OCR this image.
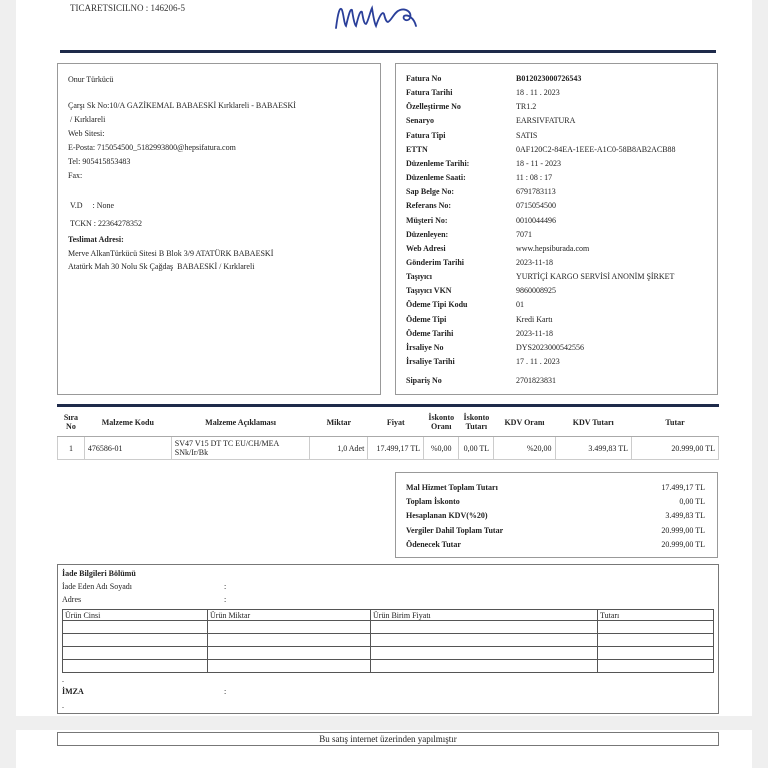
TICARETSICILNO : 146206-5
Onur Türkücü
Çarşı Sk No:10/A GAZİKEMAL BABAESKİ Kırklareli - BABAESKİ
/ Kırklareli
Web Sitesi:
E-Posta: 715054500_5182993800@hepsifatura.com
Tel: 905415853483
Fax:
V.D     : None
TCKN : 22364278352
Teslimat Adresi:
Merve AlkanTürkücü Sitesi B Blok 3/9 ATATÜRK BABAESKİ
Atatürk Mah 30 Nolu Sk Çağdaş  BABAESKİ / Kırklareli
Fatura No	B012023000726543
Fatura Tarihi	18 . 11 . 2023
Özelleştirme No	TR1.2
Senaryo	EARSIVFATURA
Fatura Tipi	SATIS
ETTN	0AF120C2-84EA-1EEE-A1C0-58B8AB2ACB88
Düzenleme Tarihi:	18 - 11 - 2023
Düzenleme Saati:	11 : 08 : 17
Sap Belge No:	6791783113
Referans No:	0715054500
Müşteri No:	0010044496
Düzenleyen:	7071
Web Adresi	www.hepsiburada.com
Gönderim Tarihi	2023-11-18
Taşıyıcı	YURTİÇİ KARGO SERVİSİ ANONİM ŞİRKET
Taşıyıcı VKN	9860008925
Ödeme Tipi Kodu	01
Ödeme Tipi	Kredi Kartı
Ödeme Tarihi	2023-11-18
İrsaliye No	DYS2023000542556
İrsaliye Tarihi	17 . 11 . 2023
Sipariş No	2701823831
Sıra No	Malzeme Kodu	Malzeme Açıklaması	Miktar	Fiyat	İskonto Oranı	İskonto Tutarı	KDV Oranı	KDV Tutarı	Tutar
1	476586-01	SV47 V15 DT TC EU/CH/MEA SNk/Ir/Bk	1,0 Adet	17.499,17 TL	%0,00	0,00 TL	%20,00	3.499,83 TL	20.999,00 TL
Mal Hizmet Toplam Tutarı	17.499,17 TL
Toplam İskonto	0,00 TL
Hesaplanan KDV(%20)	3.499,83 TL
Vergiler Dahil Toplam Tutar	20.999,00 TL
Ödenecek Tutar	20.999,00 TL
İade Bilgileri Bölümü
İade Eden Adı Soyadı	:
Adres	:
Ürün Cinsi	Ürün Miktar	Ürün Birim Fiyatı	Tutarı

.
İMZA	:
.
Bu satış internet üzerinden yapılmıştır
